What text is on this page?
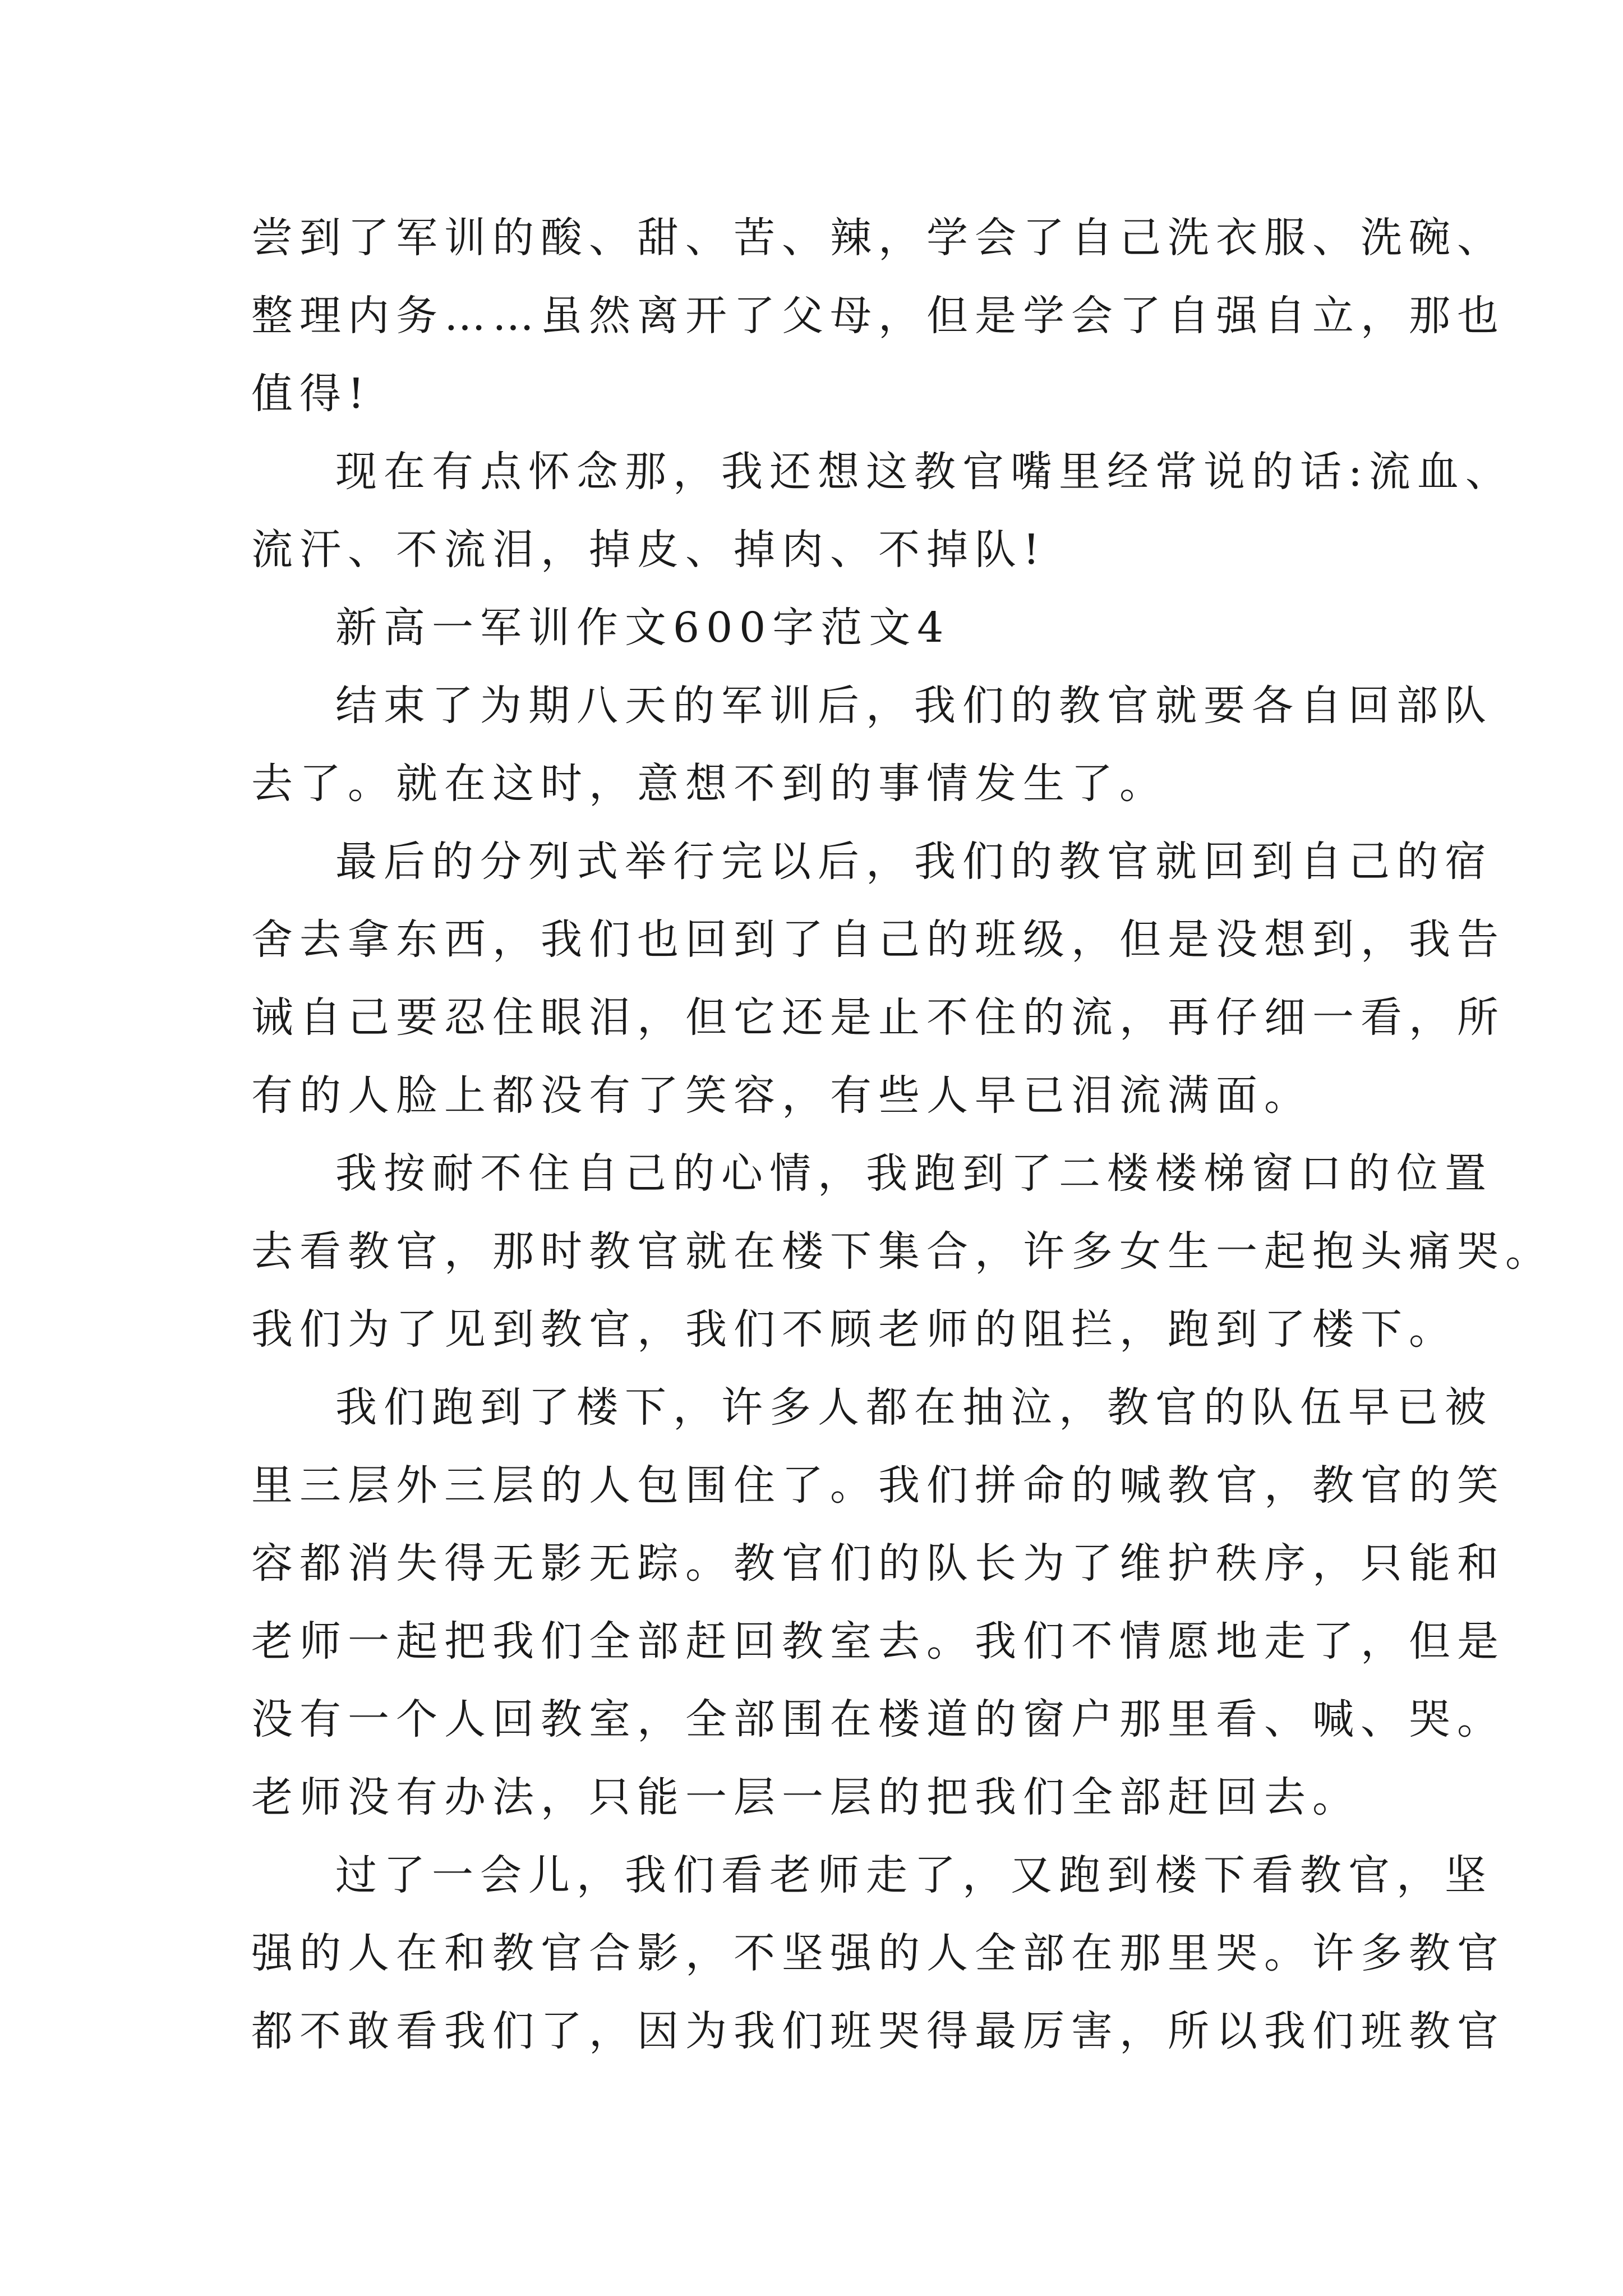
尝到了军训的酸、甜、苦、辣，学会了自己洗衣服、洗碗、
整理内务……虽然离开了父母，但是学会了自强自立，那也
值得!
现在有点怀念那，我还想这教官嘴里经常说的话:流血、
流汗、不流泪，掉皮、掉肉、不掉队!
新高一军训作文600字范文4
结束了为期八天的军训后，我们的教官就要各自回部队
去了。就在这时，意想不到的事情发生了。
最后的分列式举行完以后，我们的教官就回到自己的宿
舍去拿东西，我们也回到了自己的班级，但是没想到，我告
诫自己要忍住眼泪，但它还是止不住的流，再仔细一看，所
有的人脸上都没有了笑容，有些人早已泪流满面。
我按耐不住自己的心情，我跑到了二楼楼梯窗口的位置
去看教官，那时教官就在楼下集合，许多女生一起抱头痛哭。
我们为了见到教官，我们不顾老师的阻拦，跑到了楼下。
我们跑到了楼下，许多人都在抽泣，教官的队伍早已被
里三层外三层的人包围住了。我们拼命的喊教官，教官的笑
容都消失得无影无踪。教官们的队长为了维护秩序，只能和
老师一起把我们全部赶回教室去。我们不情愿地走了，但是
没有一个人回教室，全部围在楼道的窗户那里看、喊、哭。
老师没有办法，只能一层一层的把我们全部赶回去。
过了一会儿，我们看老师走了，又跑到楼下看教官，坚
强的人在和教官合影，不坚强的人全部在那里哭。许多教官
都不敢看我们了，因为我们班哭得最厉害，所以我们班教官
